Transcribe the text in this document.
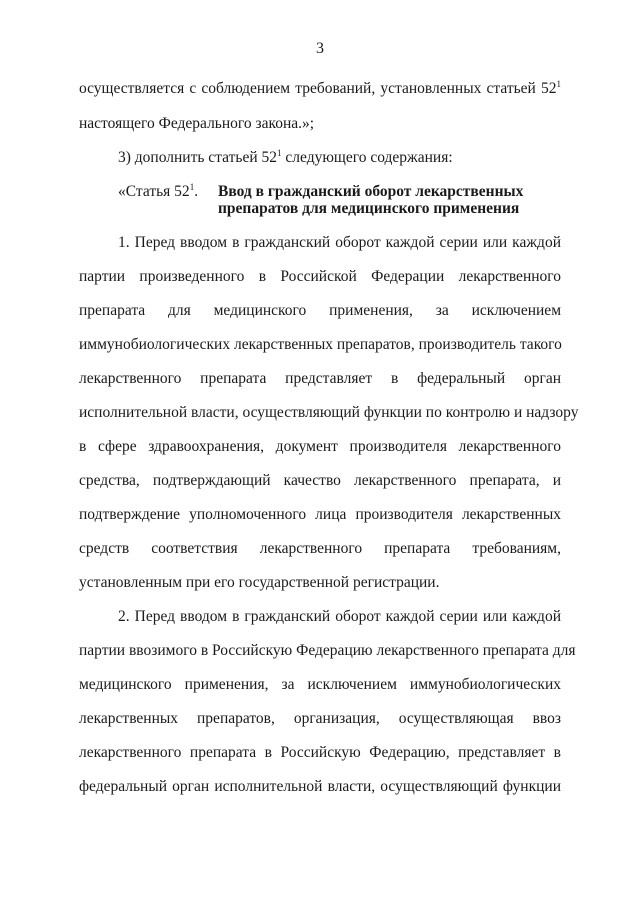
3
осуществляется с соблюдением требований, установленных статьей $52^1$
настоящего Федерального закона.»;
3) дополнить статьей $52^1$ следующего содержания:
«Статья $52^1$. Ввод в гражданский оборот лекарственных
препаратов для медицинского применения
1. Перед вводом в гражданский оборот каждой серии или каждой
партии произведенного в Российской Федерации лекарственного
препарата для медицинского применения, за исключением
иммунобиологических лекарственных препаратов, производитель такого
лекарственного препарата представляет в федеральный орган
исполнительной власти, осуществляющий функции по контролю и надзору
в сфере здравоохранения, документ производителя лекарственного
средства, подтверждающий качество лекарственного препарата, и
подтверждение уполномоченного лица производителя лекарственных
средств соответствия лекарственного препарата требованиям,
установленным при его государственной регистрации.
2. Перед вводом в гражданский оборот каждой серии или каждой
партии ввозимого в Российскую Федерацию лекарственного препарата для
медицинского применения, за исключением иммунобиологических
лекарственных препаратов, организация, осуществляющая ввоз
лекарственного препарата в Российскую Федерацию, представляет в
федеральный орган исполнительной власти, осуществляющий функции
